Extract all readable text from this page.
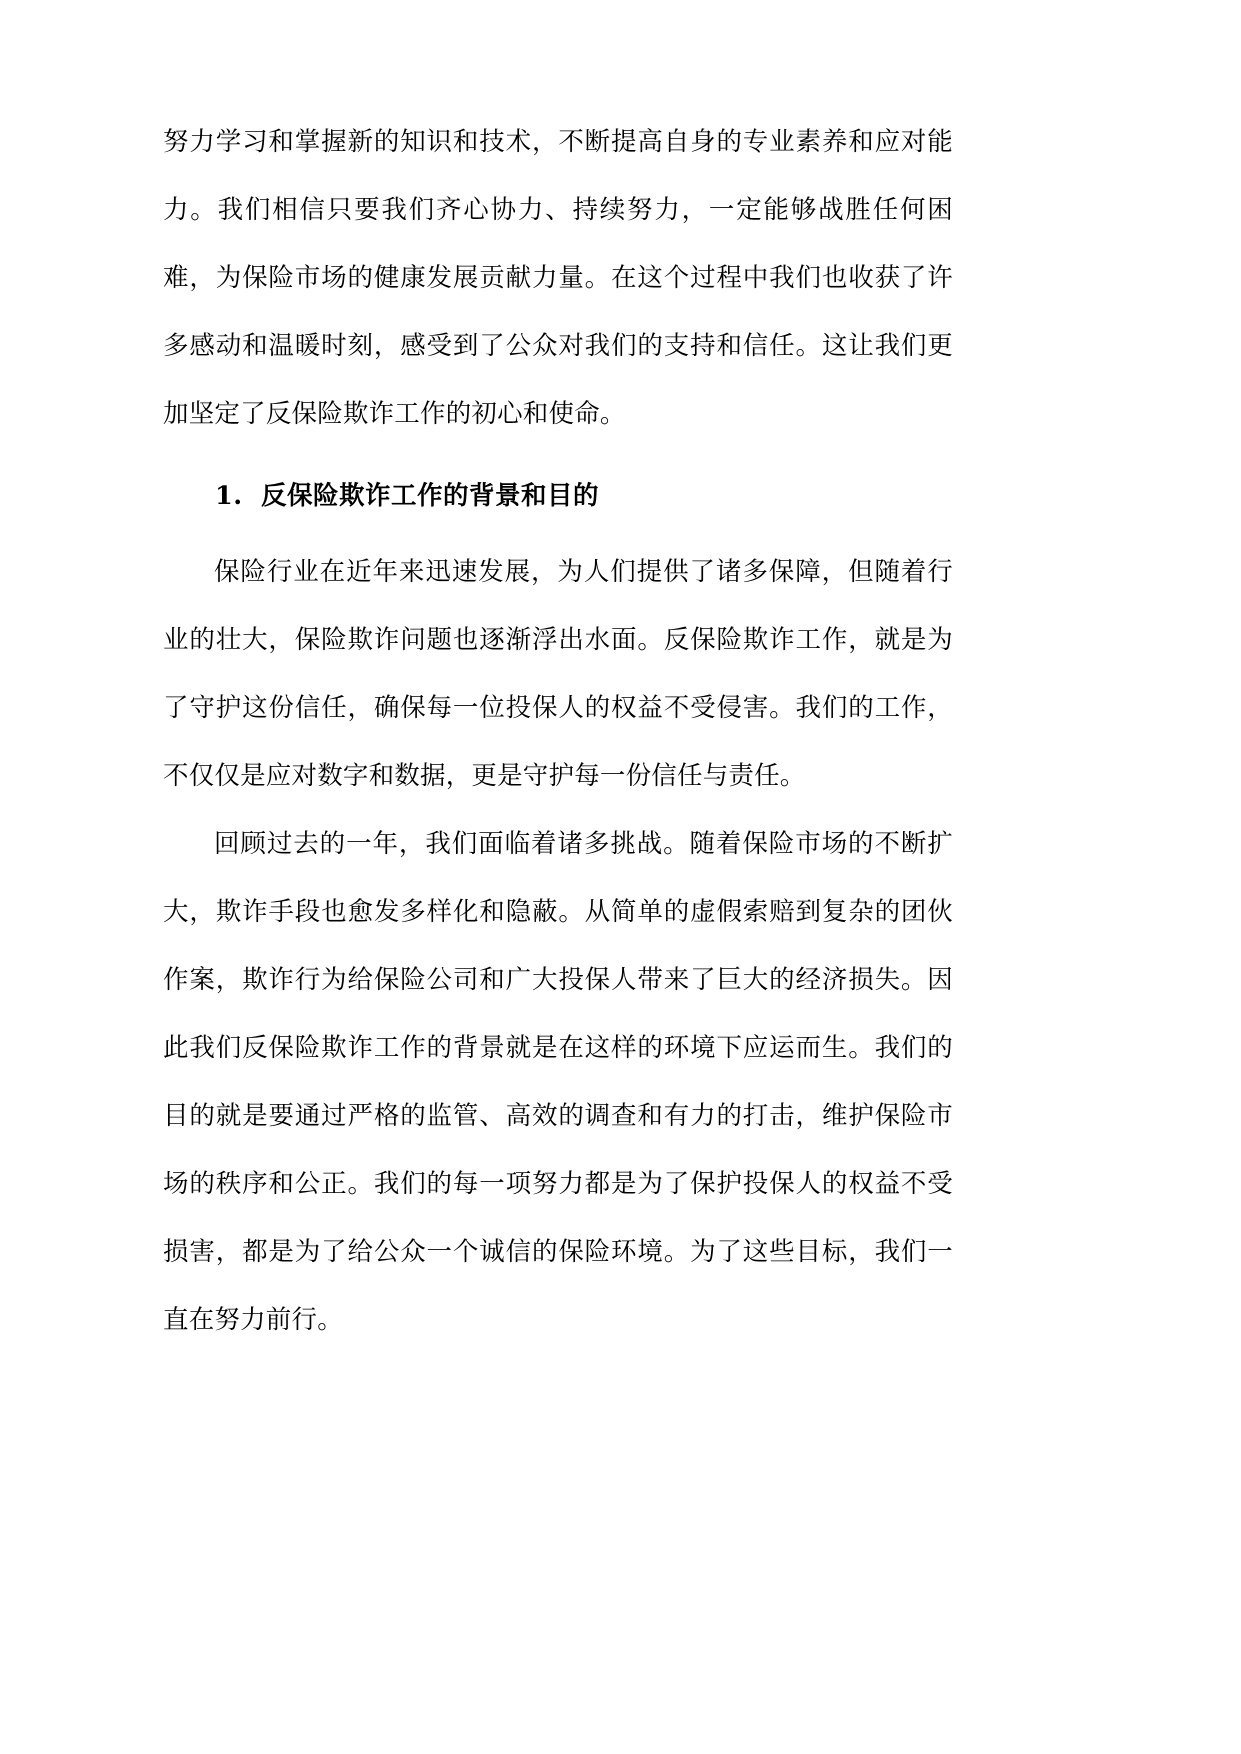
努力学习和掌握新的知识和技术，不断提高自身的专业素养和应对能力。我们相信只要我们齐心协力、持续努力，一定能够战胜任何困难，为保险市场的健康发展贡献力量。在这个过程中我们也收获了许多感动和温暖时刻，感受到了公众对我们的支持和信任。这让我们更加坚定了反保险欺诈工作的初心和使命。

1. 反保险欺诈工作的背景和目的

保险行业在近年来迅速发展，为人们提供了诸多保障，但随着行业的壮大，保险欺诈问题也逐渐浮出水面。反保险欺诈工作，就是为了守护这份信任，确保每一位投保人的权益不受侵害。我们的工作，不仅仅是应对数字和数据，更是守护每一份信任与责任。

回顾过去的一年，我们面临着诸多挑战。随着保险市场的不断扩大，欺诈手段也愈发多样化和隐蔽。从简单的虚假索赔到复杂的团伙作案，欺诈行为给保险公司和广大投保人带来了巨大的经济损失。因此我们反保险欺诈工作的背景就是在这样的环境下应运而生。我们的目的就是要通过严格的监管、高效的调查和有力的打击，维护保险市场的秩序和公正。我们的每一项努力都是为了保护投保人的权益不受损害，都是为了给公众一个诚信的保险环境。为了这些目标，我们一直在努力前行。
